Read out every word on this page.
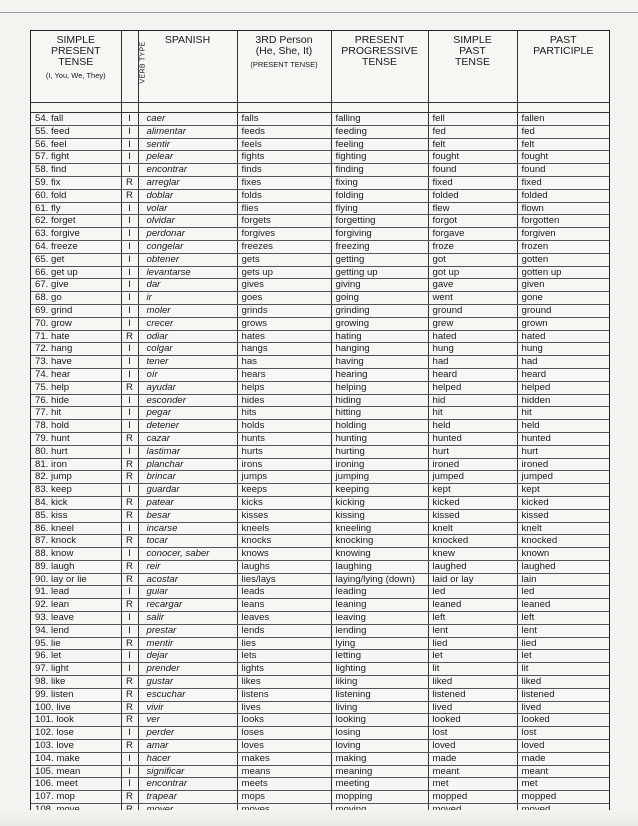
SIMPLE
PRESENT
TENSE
(I, You, We, They)	VERB TYPE	SPANISH	3RD Person
(He, She, It)
(PRESENT TENSE)	PRESENT
PROGRESSIVE
TENSE	SIMPLE
PAST
TENSE	PAST
PARTICIPLE

54. fall	I	caer	falls	falling	fell	fallen
55. feed	I	alimentar	feeds	feeding	fed	fed
56. feel	I	sentir	feels	feeling	felt	felt
57. fight	I	pelear	fights	fighting	fought	fought
58. find	I	encontrar	finds	finding	found	found
59. fix	R	arreglar	fixes	fixing	fixed	fixed
60. fold	R	doblar	folds	folding	folded	folded
61. fly	I	volar	flies	flying	flew	flown
62. forget	I	olvidar	forgets	forgetting	forgot	forgotten
63. forgive	I	perdonar	forgives	forgiving	forgave	forgiven
64. freeze	I	congelar	freezes	freezing	froze	frozen
65. get	I	obtener	gets	getting	got	gotten
66. get up	I	levantarse	gets up	getting up	got up	gotten up
67. give	I	dar	gives	giving	gave	given
68. go	I	ir	goes	going	went	gone
69. grind	I	moler	grinds	grinding	ground	ground
70. grow	I	crecer	grows	growing	grew	grown
71. hate	R	odiar	hates	hating	hated	hated
72. hang	I	colgar	hangs	hanging	hung	hung
73. have	I	tener	has	having	had	had
74. hear	I	oír	hears	hearing	heard	heard
75. help	R	ayudar	helps	helping	helped	helped
76. hide	I	esconder	hides	hiding	hid	hidden
77. hit	I	pegar	hits	hitting	hit	hit
78. hold	I	detener	holds	holding	held	held
79. hunt	R	cazar	hunts	hunting	hunted	hunted
80. hurt	I	lastimar	hurts	hurting	hurt	hurt
81. iron	R	planchar	irons	ironing	ironed	ironed
82. jump	R	brincar	jumps	jumping	jumped	jumped
83. keep	I	guardar	keeps	keeping	kept	kept
84. kick	R	patear	kicks	kicking	kicked	kicked
85. kiss	R	besar	kisses	kissing	kissed	kissed
86. kneel	I	incarse	kneels	kneeling	knelt	knelt
87. knock	R	tocar	knocks	knocking	knocked	knocked
88. know	I	conocer, saber	knows	knowing	knew	known
89. laugh	R	reir	laughs	laughing	laughed	laughed
90. lay or lie	R	acostar	lies/lays	laying/lying (down)	laid or lay	lain
91. lead	I	guiar	leads	leading	led	led
92. lean	R	recargar	leans	leaning	leaned	leaned
93. leave	I	salir	leaves	leaving	left	left
94. lend	I	prestar	lends	lending	lent	lent
95. lie	R	mentir	lies	lying	lied	lied
96. let	I	dejar	lets	letting	let	let
97. light	I	prender	lights	lighting	lit	lit
98. like	R	gustar	likes	liking	liked	liked
99. listen	R	escuchar	listens	listening	listened	listened
100. live	R	vivir	lives	living	lived	lived
101. look	R	ver	looks	looking	looked	looked
102. lose	I	perder	loses	losing	lost	lost
103. love	R	amar	loves	loving	loved	loved
104. make	I	hacer	makes	making	made	made
105. mean	I	significar	means	meaning	meant	meant
106. meet	I	encontrar	meets	meeting	met	met
107. mop	R	trapear	mops	mopping	mopped	mopped
